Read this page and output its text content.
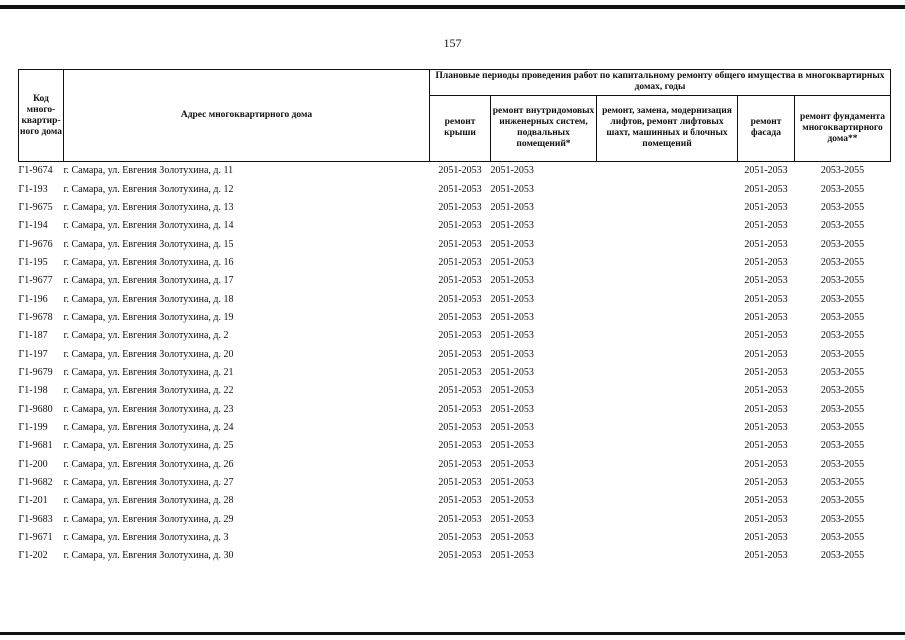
157
Код много-квартир-ного дома	Адрес многоквартирного дома	Плановые периоды проведения работ по капитальному ремонту общего имущества в многоквартирных домах, годы				
		ремонт крыши	ремонт внутридомовых инженерных систем, подвальных помещений*	ремонт, замена, модернизация лифтов, ремонт лифтовых шахт, машинных и блочных помещений	ремонт фасада	ремонт фундамента многоквартирного дома**
Г1-9674	г. Самара, ул. Евгения Золотухина, д. 11	2051-2053	2051-2053		2051-2053	2053-2055
Г1-193	г. Самара, ул. Евгения Золотухина, д. 12	2051-2053	2051-2053		2051-2053	2053-2055
Г1-9675	г. Самара, ул. Евгения Золотухина, д. 13	2051-2053	2051-2053		2051-2053	2053-2055
Г1-194	г. Самара, ул. Евгения Золотухина, д. 14	2051-2053	2051-2053		2051-2053	2053-2055
Г1-9676	г. Самара, ул. Евгения Золотухина, д. 15	2051-2053	2051-2053		2051-2053	2053-2055
Г1-195	г. Самара, ул. Евгения Золотухина, д. 16	2051-2053	2051-2053		2051-2053	2053-2055
Г1-9677	г. Самара, ул. Евгения Золотухина, д. 17	2051-2053	2051-2053		2051-2053	2053-2055
Г1-196	г. Самара, ул. Евгения Золотухина, д. 18	2051-2053	2051-2053		2051-2053	2053-2055
Г1-9678	г. Самара, ул. Евгения Золотухина, д. 19	2051-2053	2051-2053		2051-2053	2053-2055
Г1-187	г. Самара, ул. Евгения Золотухина, д. 2	2051-2053	2051-2053		2051-2053	2053-2055
Г1-197	г. Самара, ул. Евгения Золотухина, д. 20	2051-2053	2051-2053		2051-2053	2053-2055
Г1-9679	г. Самара, ул. Евгения Золотухина, д. 21	2051-2053	2051-2053		2051-2053	2053-2055
Г1-198	г. Самара, ул. Евгения Золотухина, д. 22	2051-2053	2051-2053		2051-2053	2053-2055
Г1-9680	г. Самара, ул. Евгения Золотухина, д. 23	2051-2053	2051-2053		2051-2053	2053-2055
Г1-199	г. Самара, ул. Евгения Золотухина, д. 24	2051-2053	2051-2053		2051-2053	2053-2055
Г1-9681	г. Самара, ул. Евгения Золотухина, д. 25	2051-2053	2051-2053		2051-2053	2053-2055
Г1-200	г. Самара, ул. Евгения Золотухина, д. 26	2051-2053	2051-2053		2051-2053	2053-2055
Г1-9682	г. Самара, ул. Евгения Золотухина, д. 27	2051-2053	2051-2053		2051-2053	2053-2055
Г1-201	г. Самара, ул. Евгения Золотухина, д. 28	2051-2053	2051-2053		2051-2053	2053-2055
Г1-9683	г. Самара, ул. Евгения Золотухина, д. 29	2051-2053	2051-2053		2051-2053	2053-2055
Г1-9671	г. Самара, ул. Евгения Золотухина, д. 3	2051-2053	2051-2053		2051-2053	2053-2055
Г1-202	г. Самара, ул. Евгения Золотухина, д. 30	2051-2053	2051-2053		2051-2053	2053-2055
